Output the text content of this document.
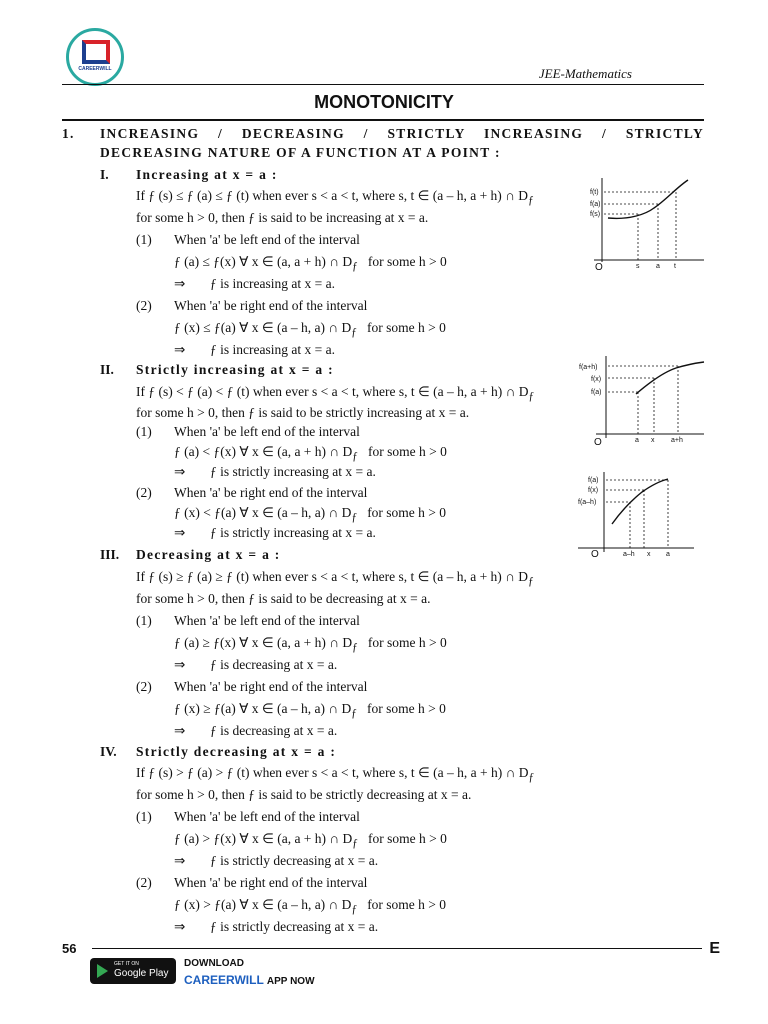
CAREERWILL	JEE-Mathematics
MONOTONICITY
1. INCREASING / DECREASING / STRICTLY INCREASING / STRICTLY
DECREASING NATURE OF A FUNCTION AT A POINT :
I. Increasing at x = a :
If ƒ (s) ≤ ƒ (a) ≤ ƒ (t) when ever s < a < t, where s, t ∈ (a – h, a + h) ∩ $D_ƒ$
for some h > 0, then ƒ is said to be increasing at x = a.
(1) When 'a' be left end of the interval
ƒ (a) ≤ ƒ(x) ∀ x ∈ (a, a + h) ∩ $D_ƒ$ for some h > 0
⇒ ƒ is increasing at x = a.
(2) When 'a' be right end of the interval
ƒ (x) ≤ ƒ(a) ∀ x ∈ (a – h, a) ∩ $D_ƒ$ for some h > 0
⇒ ƒ is increasing at x = a.
II. Strictly increasing at x = a :
If ƒ (s) < ƒ (a) < ƒ (t) when ever s < a < t, where s, t ∈ (a – h, a + h) ∩ $D_ƒ$
for some h > 0, then ƒ is said to be strictly increasing at x = a.
(1) When 'a' be left end of the interval
ƒ (a) < ƒ(x) ∀ x ∈ (a, a + h) ∩ $D_ƒ$ for some h > 0
⇒ ƒ is strictly increasing at x = a.
(2) When 'a' be right end of the interval
ƒ (x) < ƒ(a) ∀ x ∈ (a – h, a) ∩ $D_ƒ$ for some h > 0
⇒ ƒ is strictly increasing at x = a.
III. Decreasing at x = a :
If ƒ (s) ≥ ƒ (a) ≥ ƒ (t) when ever s < a < t, where s, t ∈ (a – h, a + h) ∩ $D_ƒ$
for some h > 0, then ƒ is said to be decreasing at x = a.
(1) When 'a' be left end of the interval
ƒ (a) ≥ ƒ(x) ∀ x ∈ (a, a + h) ∩ $D_ƒ$ for some h > 0
⇒ ƒ is decreasing at x = a.
(2) When 'a' be right end of the interval
ƒ (x) ≥ ƒ(a) ∀ x ∈ (a – h, a) ∩ $D_ƒ$ for some h > 0
⇒ ƒ is decreasing at x = a.
IV. Strictly decreasing at x = a :
If ƒ (s) > ƒ (a) > ƒ (t) when ever s < a < t, where s, t ∈ (a – h, a + h) ∩ $D_ƒ$
for some h > 0, then ƒ is said to be strictly decreasing at x = a.
(1) When 'a' be left end of the interval
ƒ (a) > ƒ(x) ∀ x ∈ (a, a + h) ∩ $D_ƒ$ for some h > 0
⇒ ƒ is strictly decreasing at x = a.
(2) When 'a' be right end of the interval
ƒ (x) > ƒ(a) ∀ x ∈ (a – h, a) ∩ $D_ƒ$ for some h > 0
⇒ ƒ is strictly decreasing at x = a.
O
f(t)
f(a)
f(s)
s a t
O
f(a+h)
f(x)
f(a)
a x a+h
O
f(a)
f(x)
f(a–h)
a–h x a
56	E
GET IT ON
Google Play
DOWNLOAD
CAREERWILL APP NOW
